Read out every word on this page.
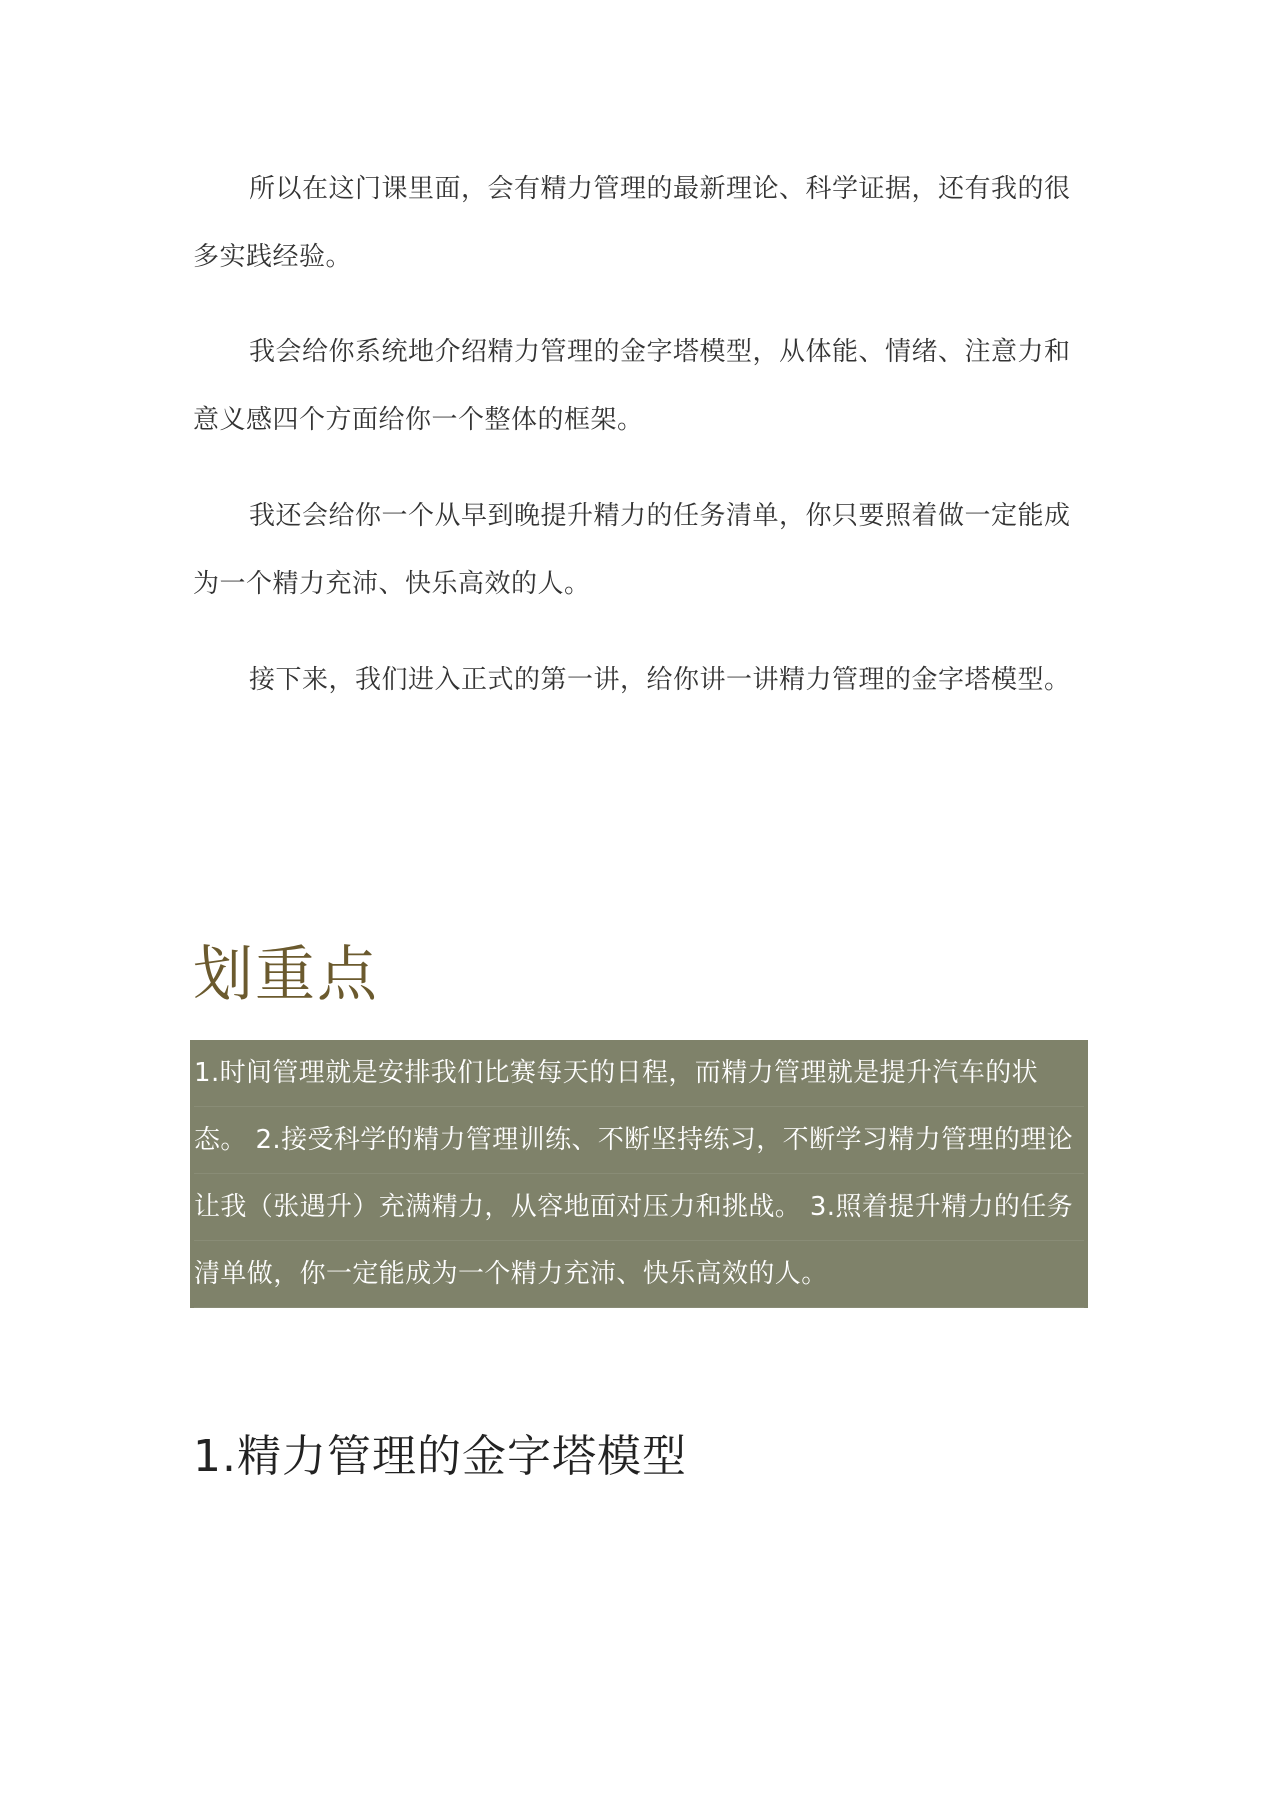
所以在这门课里面，会有精力管理的最新理论、科学证据，还有我的很多实践经验。

我会给你系统地介绍精力管理的金字塔模型，从体能、情绪、注意力和意义感四个方面给你一个整体的框架。

我还会给你一个从早到晚提升精力的任务清单，你只要照着做一定能成为一个精力充沛、快乐高效的人。

接下来，我们进入正式的第一讲，给你讲一讲精力管理的金字塔模型。

划重点

1.时间管理就是安排我们比赛每天的日程，而精力管理就是提升汽车的状态。 2.接受科学的精力管理训练、不断坚持练习，不断学习精力管理的理论让我（张遇升）充满精力，从容地面对压力和挑战。 3.照着提升精力的任务清单做，你一定能成为一个精力充沛、快乐高效的人。

1.精力管理的金字塔模型
